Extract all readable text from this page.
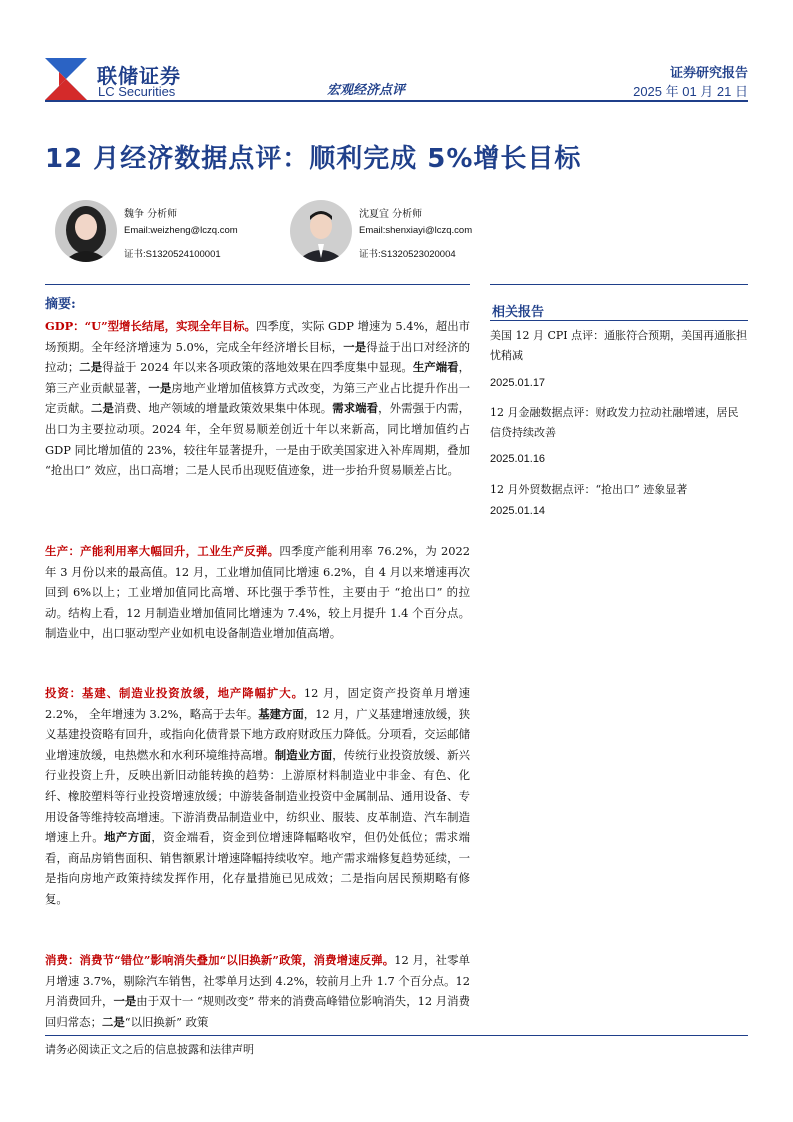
联储证券
LC Securities	宏观经济点评
证券研究报告
2025 年 01 月 21 日
12 月经济数据点评：顺利完成 5%增长目标
魏争 分析师
Email:weizheng@lczq.com
证书:S1320524100001
沈夏宜 分析师
Email:shenxiayi@lczq.com
证书:S1320523020004
摘要:
GDP：“U”型增长结尾，实现全年目标。四季度，实际 GDP 增速为 5.4%，超出市场预期。全年经济增速为 5.0%，完成全年经济增长目标，一是得益于出口对经济的拉动；二是得益于 2024 年以来各项政策的落地效果在四季度集中显现。生产端看，第三产业贡献显著，一是房地产业增加值核算方式改变，为第三产业占比提升作出一定贡献。二是消费、地产领域的增量政策效果集中体现。需求端看，外需强于内需，出口为主要拉动项。2024 年，全年贸易顺差创近十年以来新高，同比增加值约占 GDP 同比增加值的 23%，较往年显著提升，一是由于欧美国家进入补库周期，叠加 “抢出口” 效应，出口高增；二是人民币出现贬值迹象，进一步抬升贸易顺差占比。
生产：产能利用率大幅回升，工业生产反弹。四季度产能利用率 76.2%，为 2022 年 3 月份以来的最高值。12 月，工业增加值同比增速 6.2%，自 4 月以来增速再次回到 6%以上；工业增加值同比高增、环比强于季节性，主要由于 “抢出口” 的拉动。结构上看，12 月制造业增加值同比增速为 7.4%，较上月提升 1.4 个百分点。制造业中，出口驱动型产业如机电设备制造业增加值高增。
投资：基建、制造业投资放缓，地产降幅扩大。12 月，固定资产投资单月增速 2.2%， 全年增速为 3.2%，略高于去年。基建方面，12 月，广义基建增速放缓，狭义基建投资略有回升，或指向化债背景下地方政府财政压力降低。分项看，交运邮储业增速放缓，电热燃水和水利环境维持高增。制造业方面，传统行业投资放缓、新兴行业投资上升，反映出新旧动能转换的趋势：上游原材料制造业中非金、有色、化纤、橡胶塑料等行业投资增速放缓；中游装备制造业投资中金属制品、通用设备、专用设备等维持较高增速。下游消费品制造业中，纺织业、服装、皮革制造、汽车制造增速上升。地产方面，资金端看，资金到位增速降幅略收窄，但仍处低位；需求端看，商品房销售面积、销售额累计增速降幅持续收窄。地产需求端修复趋势延续，一是指向房地产政策持续发挥作用，化存量措施已见成效；二是指向居民预期略有修复。
消费：消费节“错位”影响消失叠加“以旧换新”政策，消费增速反弹。12 月，社零单月增速 3.7%，剔除汽车销售，社零单月达到 4.2%，较前月上升 1.7 个百分点。12 月消费回升，一是由于双十一 “规则改变” 带来的消费高峰错位影响消失，12 月消费回归常态；二是“以旧换新” 政策
相关报告
美国 12 月 CPI 点评：通胀符合预期，美国再通胀担忧稍减
2025.01.17
12 月金融数据点评：财政发力拉动社融增速，居民信贷持续改善
2025.01.16
12 月外贸数据点评：“抢出口” 迹象显著
2025.01.14
请务必阅读正文之后的信息披露和法律声明
